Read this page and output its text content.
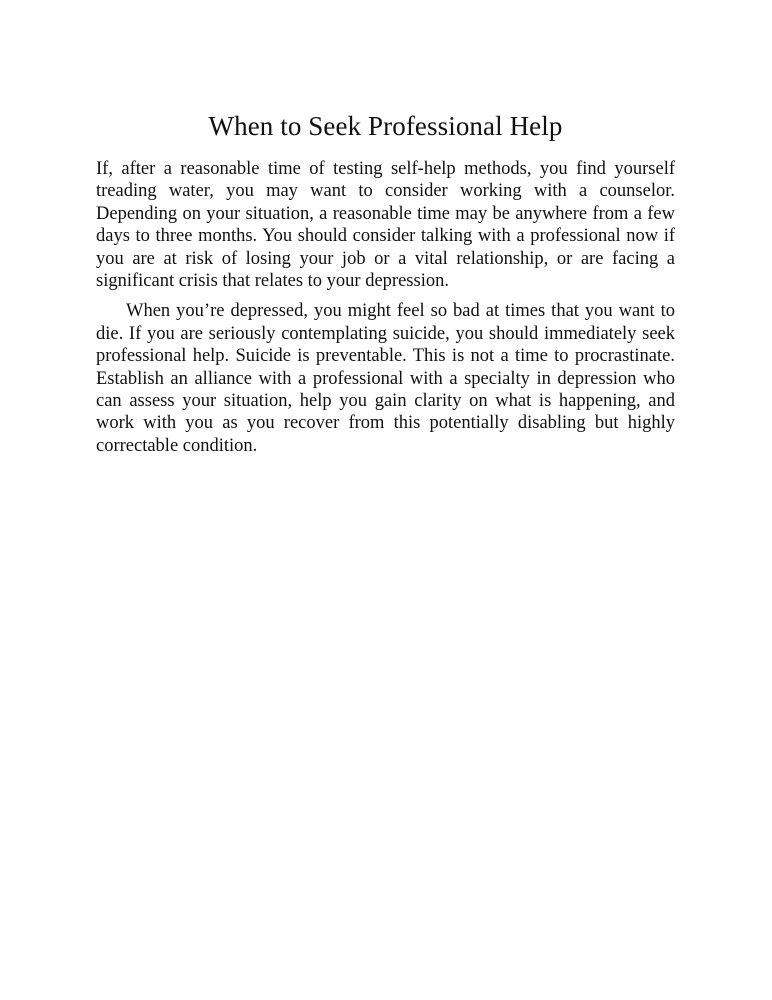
When to Seek Professional Help

If, after a reasonable time of testing self-help methods, you find yourself treading water, you may want to consider working with a counselor. Depending on your situation, a reasonable time may be anywhere from a few days to three months. You should consider talking with a professional now if you are at risk of losing your job or a vital relationship, or are facing a significant crisis that relates to your depression.

When you’re depressed, you might feel so bad at times that you want to die. If you are seriously contemplating suicide, you should immediately seek professional help. Suicide is preventable. This is not a time to procrastinate. Establish an alliance with a professional with a specialty in depression who can assess your situation, help you gain clarity on what is happening, and work with you as you recover from this potentially disabling but highly correctable condition.
